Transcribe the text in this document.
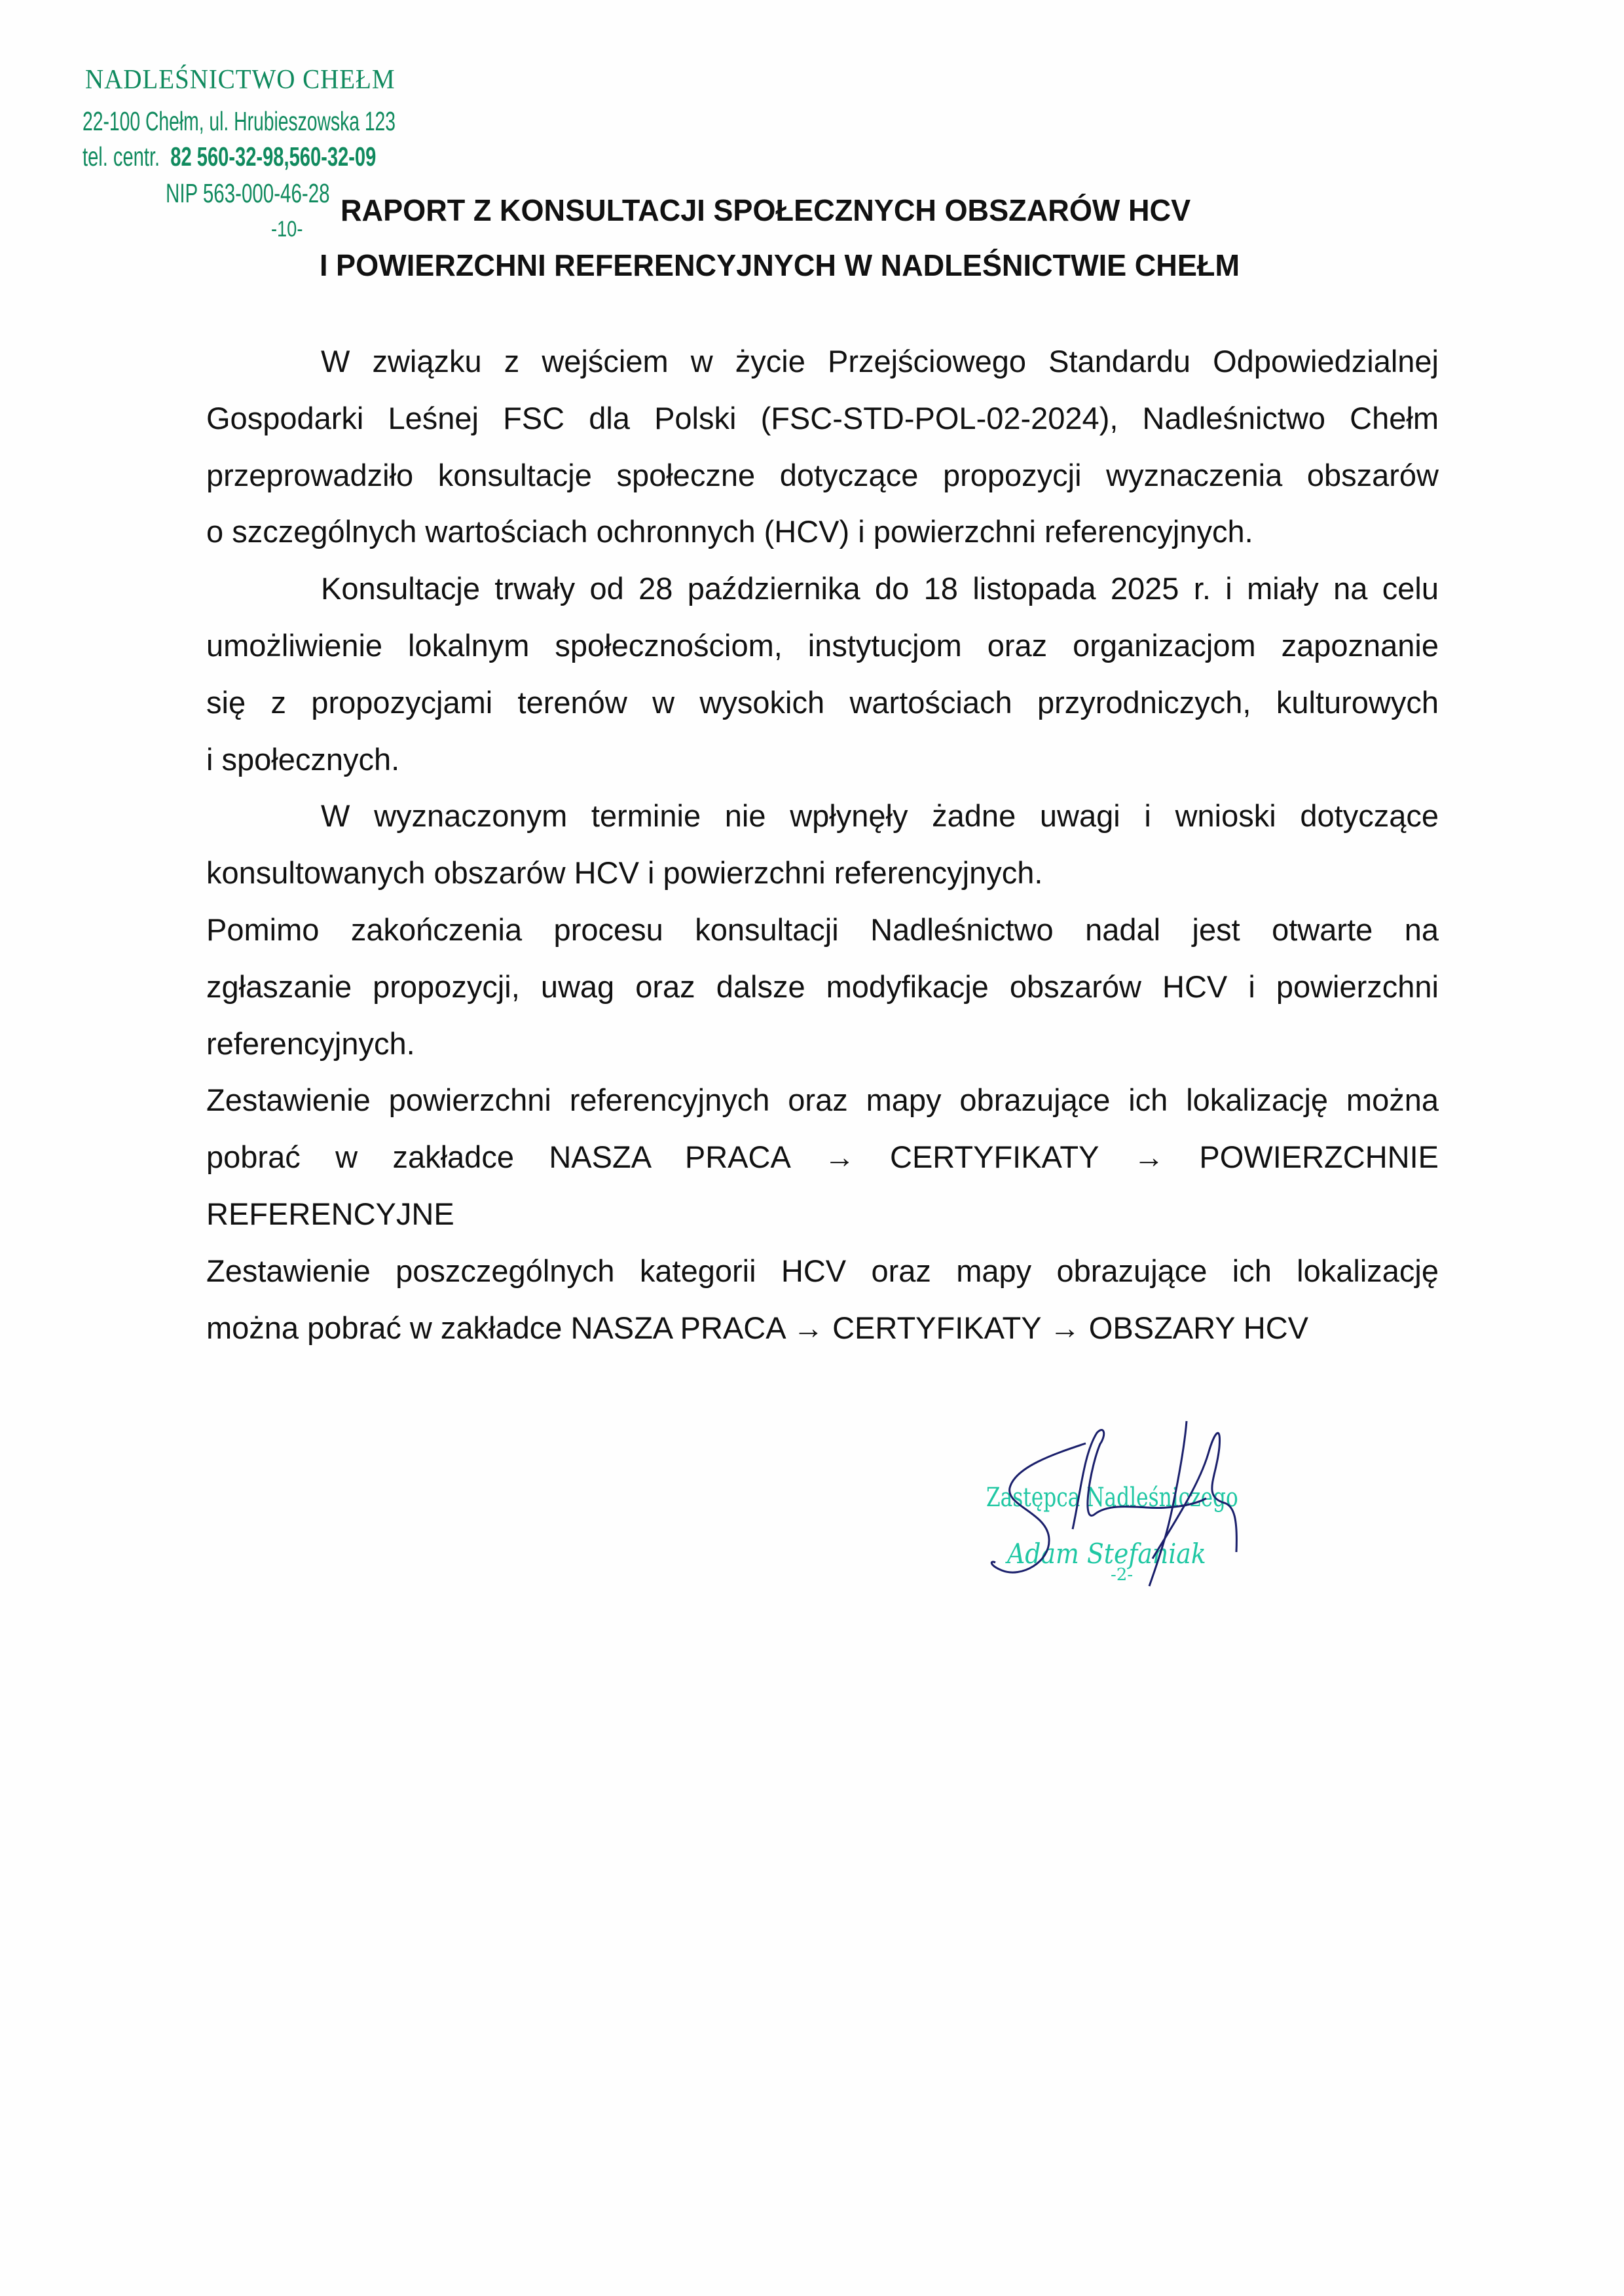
NADLEŚNICTWO CHEŁM
22-100 Chełm, ul. Hrubieszowska 123
tel. centr. 82 560-32-98,560-32-09
NIP 563-000-46-28
-10-
RAPORT Z KONSULTACJI SPOŁECZNYCH OBSZARÓW HCV
I POWIERZCHNI REFERENCYJNYCH W NADLEŚNICTWIE CHEŁM
W związku z wejściem w życie Przejściowego Standardu Odpowiedzialnej
Gospodarki Leśnej FSC dla Polski (FSC-STD-POL-02-2024), Nadleśnictwo Chełm
przeprowadziło konsultacje społeczne dotyczące propozycji wyznaczenia obszarów
o szczególnych wartościach ochronnych (HCV) i powierzchni referencyjnych.
Konsultacje trwały od 28 października do 18 listopada 2025 r. i miały na celu
umożliwienie lokalnym społecznościom, instytucjom oraz organizacjom zapoznanie
się z propozycjami terenów w wysokich wartościach przyrodniczych, kulturowych
i społecznych.
W wyznaczonym terminie nie wpłynęły żadne uwagi i wnioski dotyczące
konsultowanych obszarów HCV i powierzchni referencyjnych.
Pomimo zakończenia procesu konsultacji Nadleśnictwo nadal jest otwarte na
zgłaszanie propozycji, uwag oraz dalsze modyfikacje obszarów HCV i powierzchni
referencyjnych.
Zestawienie powierzchni referencyjnych oraz mapy obrazujące ich lokalizację można
pobrać w zakładce NASZA PRACA → CERTYFIKATY → POWIERZCHNIE
REFERENCYJNE
Zestawienie poszczególnych kategorii HCV oraz mapy obrazujące ich lokalizację
można pobrać w zakładce NASZA PRACA → CERTYFIKATY → OBSZARY HCV
Zastępca Nadleśniczego
Adam Stefaniak
-2-
